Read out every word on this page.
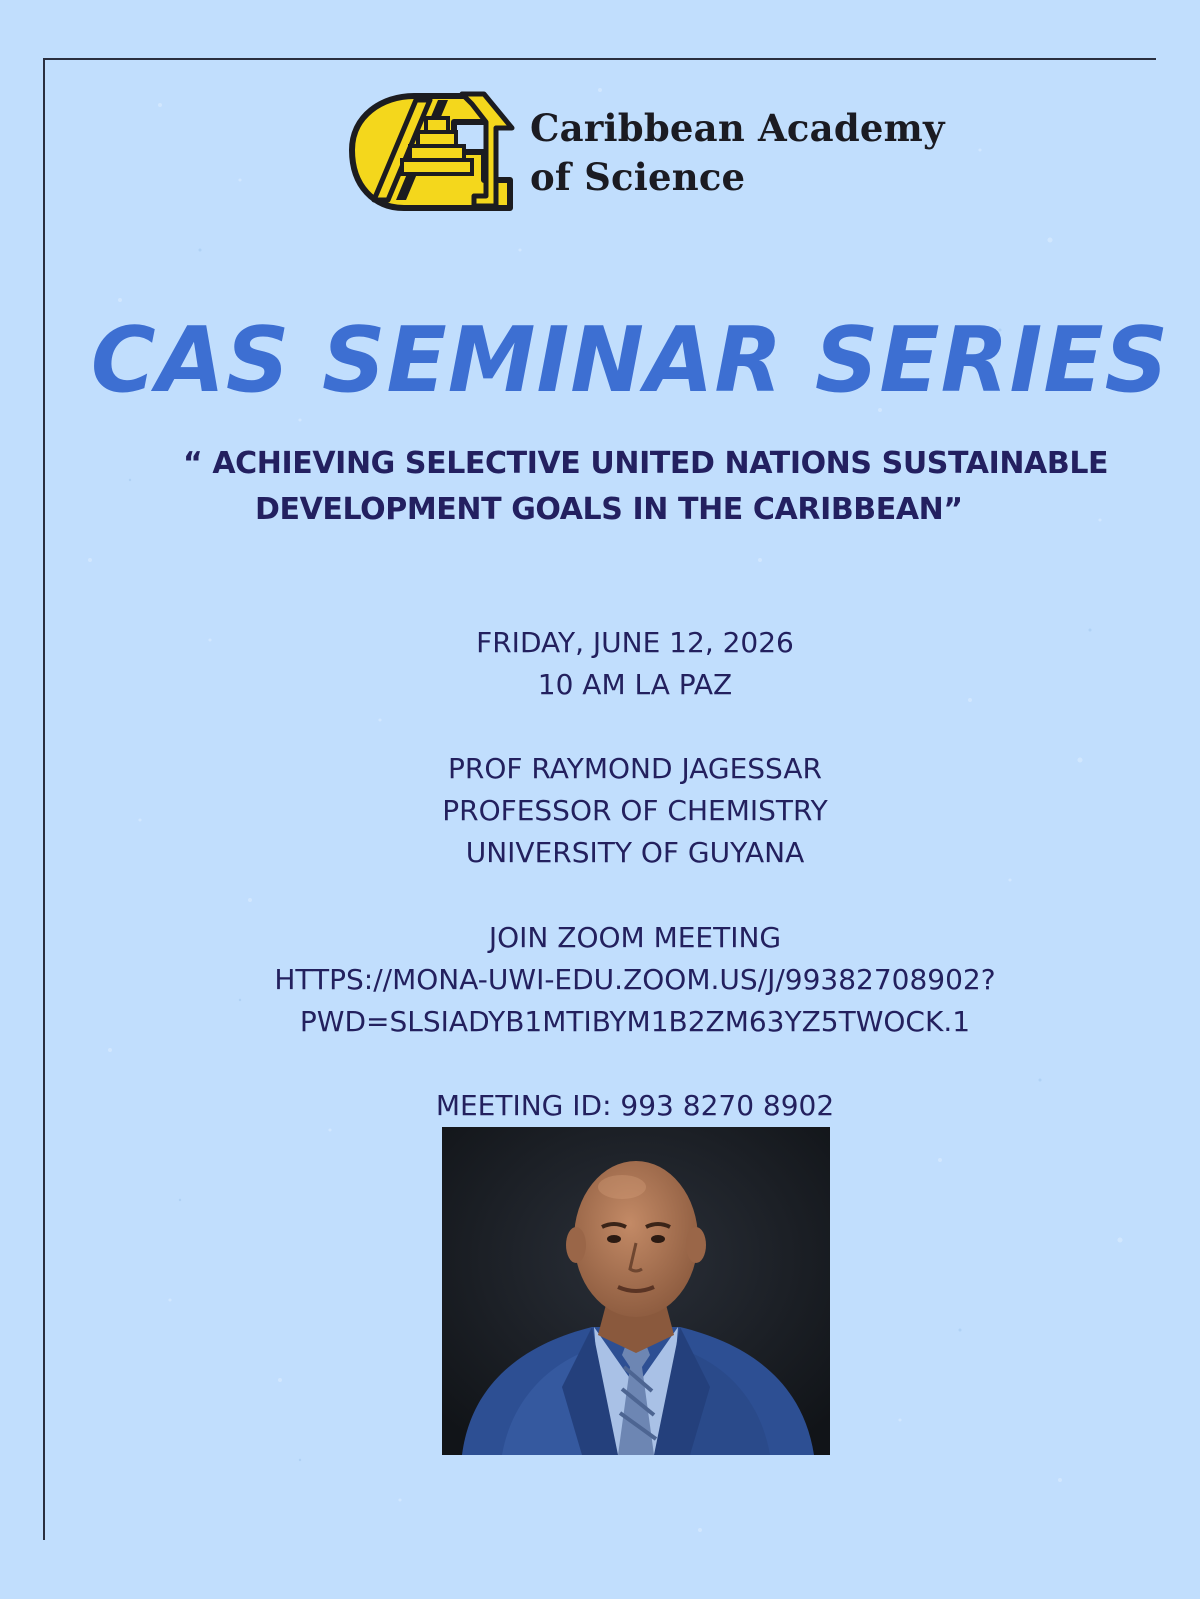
Caribbean Academy
of Science
CAS SEMINAR SERIES
“ ACHIEVING SELECTIVE UNITED NATIONS SUSTAINABLE
DEVELOPMENT GOALS IN THE CARIBBEAN”
FRIDAY, JUNE 12, 2026
10 AM LA PAZ
PROF RAYMOND JAGESSAR
PROFESSOR OF CHEMISTRY
UNIVERSITY OF GUYANA
JOIN ZOOM MEETING
HTTPS://MONA-UWI-EDU.ZOOM.US/J/99382708902?
PWD=SLSIADYB1MTIBYM1B2ZM63YZ5TWOCK.1
MEETING ID: 993 8270 8902
